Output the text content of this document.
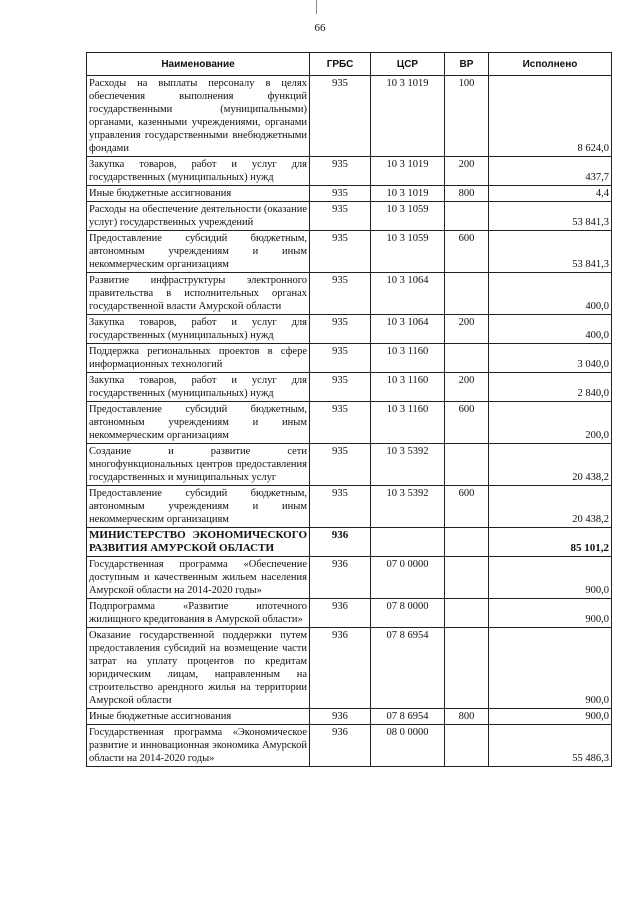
66
Наименование	ГРБС	ЦСР	ВР	Исполнено
Расходы на выплаты персоналу в целях обеспечения выполнения функций государственными (муниципальными) органами, казенными учреждениями, органами управления государственными внебюджетными фондами	935	10 3 1019	100	8 624,0
Закупка товаров, работ и услуг для государственных (муниципальных) нужд	935	10 3 1019	200	437,7
Иные бюджетные ассигнования	935	10 3 1019	800	4,4
Расходы на обеспечение деятельности (оказание услуг) государственных учреждений	935	10 3 1059		53 841,3
Предоставление субсидий бюджетным, автономным учреждениям и иным некоммерческим организациям	935	10 3 1059	600	53 841,3
Развитие инфраструктуры электронного правительства в исполнительных органах государственной власти Амурской области	935	10 3 1064		400,0
Закупка товаров, работ и услуг для государственных (муниципальных) нужд	935	10 3 1064	200	400,0
Поддержка региональных проектов в сфере информационных технологий	935	10 3 1160		3 040,0
Закупка товаров, работ и услуг для государственных (муниципальных) нужд	935	10 3 1160	200	2 840,0
Предоставление субсидий бюджетным, автономным учреждениям и иным некоммерческим организациям	935	10 3 1160	600	200,0
Создание и развитие сети многофункциональных центров предоставления государственных и муниципальных услуг	935	10 3 5392		20 438,2
Предоставление субсидий бюджетным, автономным учреждениям и иным некоммерческим организациям	935	10 3 5392	600	20 438,2
МИНИСТЕРСТВО ЭКОНОМИЧЕСКОГО РАЗВИТИЯ АМУРСКОЙ ОБЛАСТИ	936			85 101,2
Государственная программа «Обеспечение доступным и качественным жильем населения Амурской области на 2014-2020 годы»	936	07 0 0000		900,0
Подпрограмма «Развитие ипотечного жилищного кредитования в Амурской области»	936	07 8 0000		900,0
Оказание государственной поддержки путем предоставления субсидий на возмещение части затрат на уплату процентов по кредитам юридическим лицам, направленным на строительство арендного жилья на территории Амурской области	936	07 8 6954		900,0
Иные бюджетные ассигнования	936	07 8 6954	800	900,0
Государственная программа «Экономическое развитие и инновационная экономика Амурской области на 2014-2020 годы»	936	08 0 0000		55 486,3
